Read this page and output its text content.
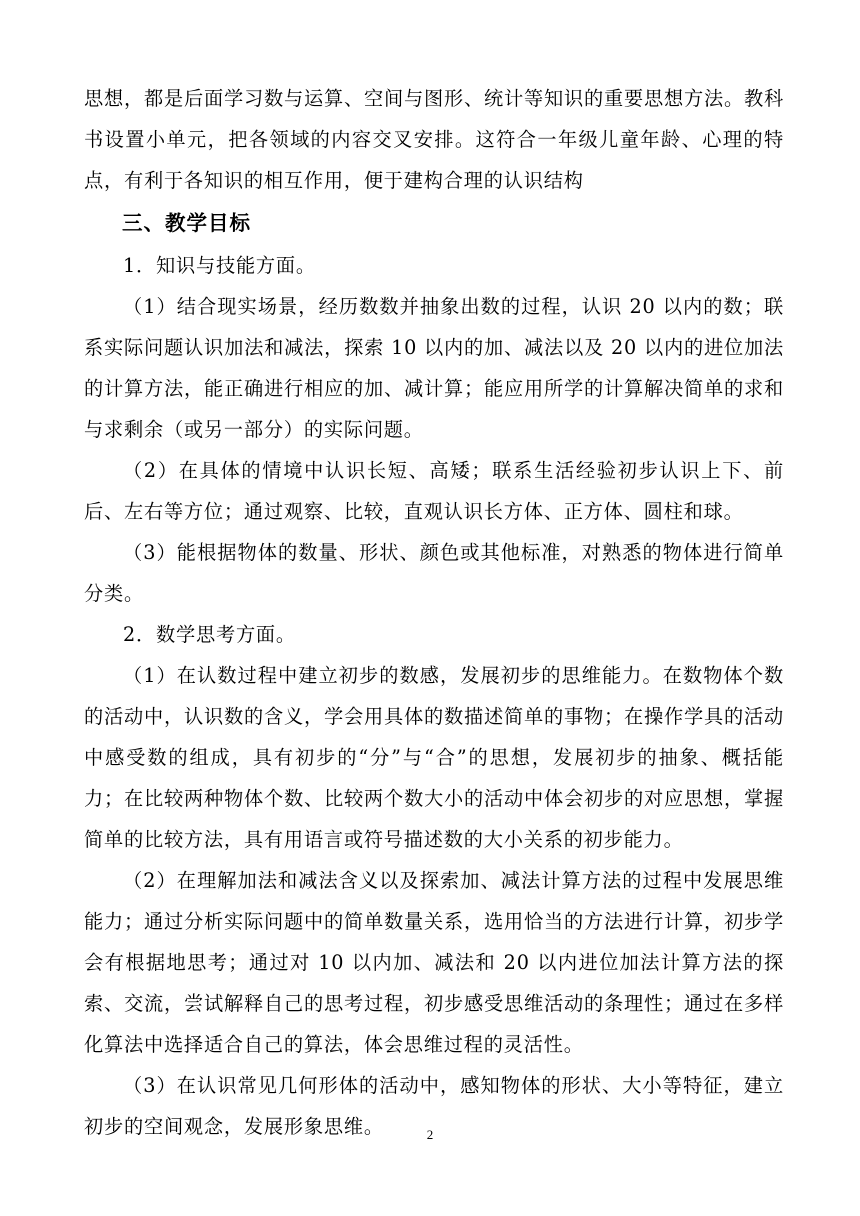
思想，都是后面学习数与运算、空间与图形、统计等知识的重要思想方法。教科书设置小单元，把各领域的内容交叉安排。这符合一年级儿童年龄、心理的特点，有利于各知识的相互作用，便于建构合理的认识结构

三、教学目标

1．知识与技能方面。

（1）结合现实场景，经历数数并抽象出数的过程，认识 20 以内的数；联系实际问题认识加法和减法，探索 10 以内的加、减法以及 20 以内的进位加法的计算方法，能正确进行相应的加、减计算；能应用所学的计算解决简单的求和与求剩余（或另一部分）的实际问题。

（2）在具体的情境中认识长短、高矮；联系生活经验初步认识上下、前后、左右等方位；通过观察、比较，直观认识长方体、正方体、圆柱和球。

（3）能根据物体的数量、形状、颜色或其他标准，对熟悉的物体进行简单分类。

2．数学思考方面。

（1）在认数过程中建立初步的数感，发展初步的思维能力。在数物体个数的活动中，认识数的含义，学会用具体的数描述简单的事物；在操作学具的活动中感受数的组成，具有初步的“分”与“合”的思想，发展初步的抽象、概括能力；在比较两种物体个数、比较两个数大小的活动中体会初步的对应思想，掌握简单的比较方法，具有用语言或符号描述数的大小关系的初步能力。

（2）在理解加法和减法含义以及探索加、减法计算方法的过程中发展思维能力；通过分析实际问题中的简单数量关系，选用恰当的方法进行计算，初步学会有根据地思考；通过对 10 以内加、减法和 20 以内进位加法计算方法的探索、交流，尝试解释自己的思考过程，初步感受思维活动的条理性；通过在多样化算法中选择适合自己的算法，体会思维过程的灵活性。

（3）在认识常见几何形体的活动中，感知物体的形状、大小等特征，建立初步的空间观念，发展形象思维。	2
